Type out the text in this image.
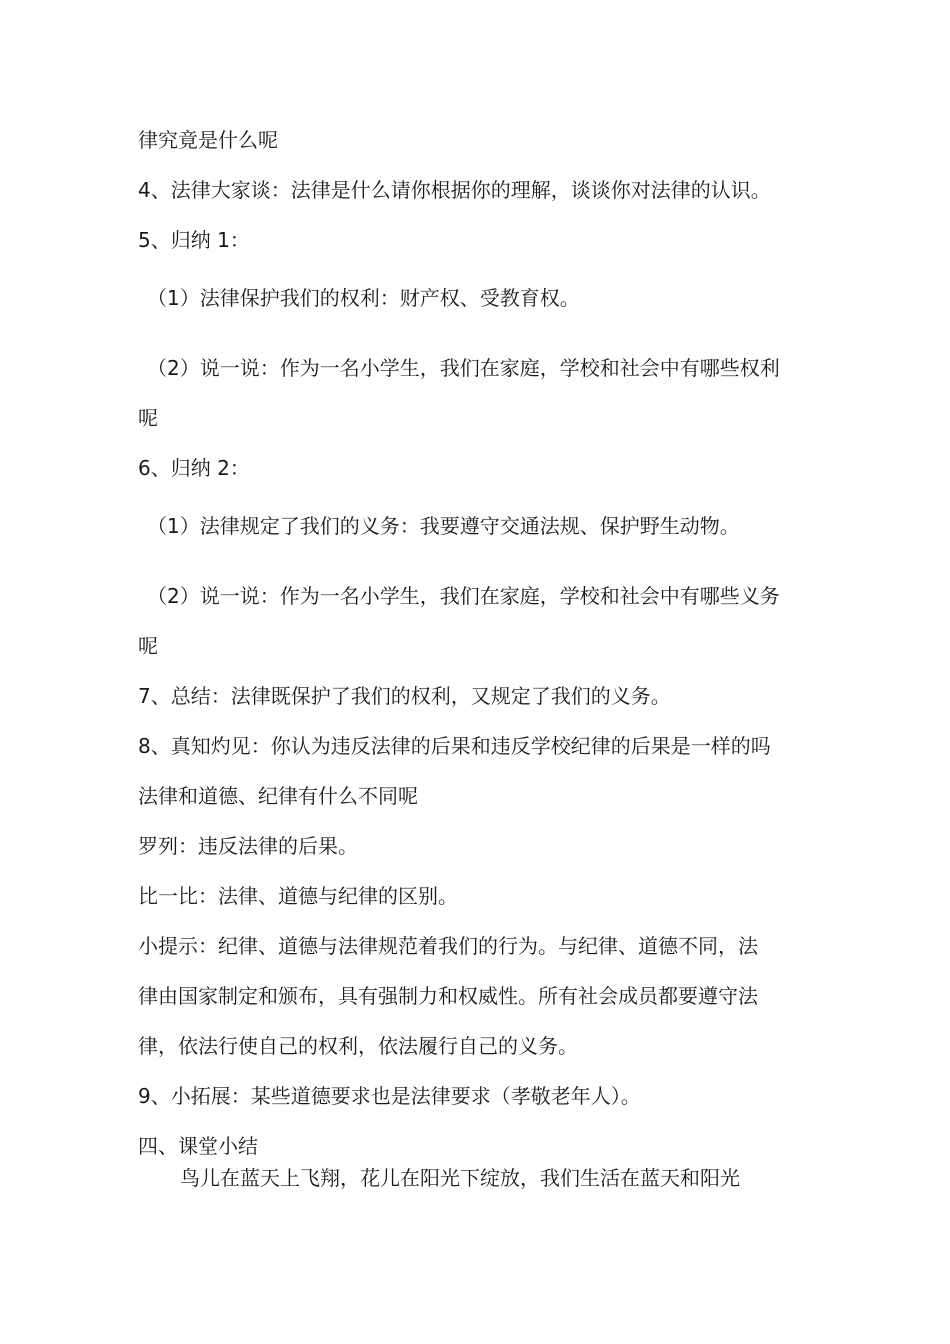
律究竟是什么呢

4、法律大家谈：法律是什么请你根据你的理解，谈谈你对法律的认识。

5、归纳 1：

（1）法律保护我们的权利：财产权、受教育权。

（2）说一说：作为一名小学生，我们在家庭，学校和社会中有哪些权利

呢

6、归纳 2：

（1）法律规定了我们的义务：我要遵守交通法规、保护野生动物。

（2）说一说：作为一名小学生，我们在家庭，学校和社会中有哪些义务

呢

7、总结：法律既保护了我们的权利，又规定了我们的义务。

8、真知灼见：你认为违反法律的后果和违反学校纪律的后果是一样的吗

法律和道德、纪律有什么不同呢

罗列：违反法律的后果。

比一比：法律、道德与纪律的区别。

小提示：纪律、道德与法律规范着我们的行为。与纪律、道德不同，法

律由国家制定和颁布，具有强制力和权威性。所有社会成员都要遵守法

律，依法行使自己的权利，依法履行自己的义务。

9、小拓展：某些道德要求也是法律要求（孝敬老年人）。

四、课堂小结

鸟儿在蓝天上飞翔，花儿在阳光下绽放，我们生活在蓝天和阳光
